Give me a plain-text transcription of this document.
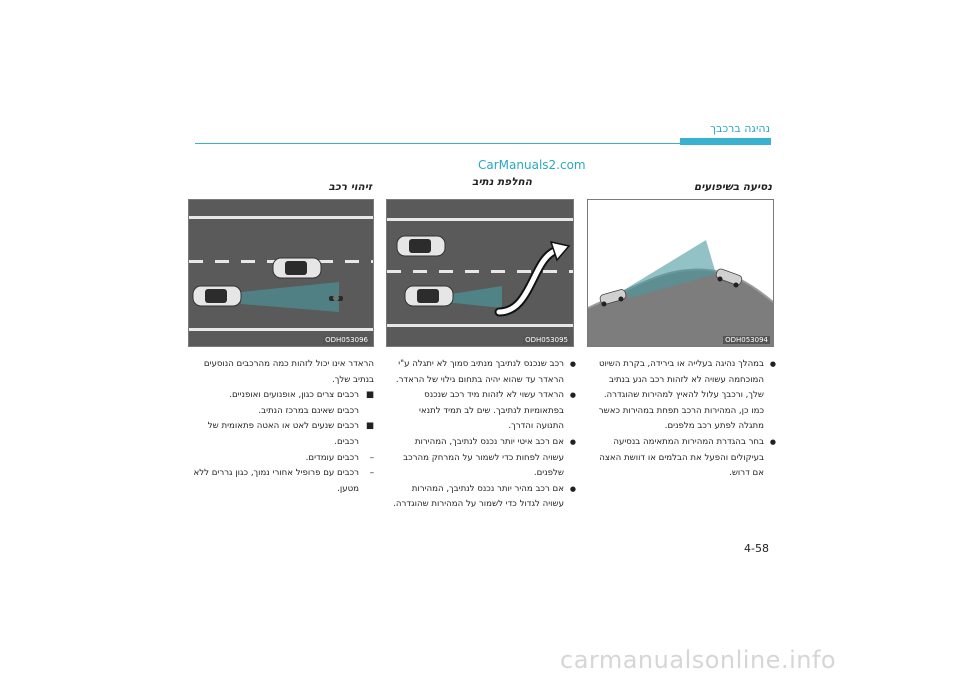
נהיגה ברכבך
CarManuals2.com
נסיעה בשיפועים
החלפת נתיב
זיהוי רכב
ODH053094
ODH053095
ODH053096

● במהלך נהיגה בעלייה או בירידה, בקרת השיוט המוכחמה עשויה לא לזהות רכב הנע בנתיב שלך, ורכבך עלול להאיץ למהירות שהוגדרה. כמו כן, המהירות הרכב תפחת במהירות כאשר מתגלה לפתע רכב מלפנים.

● בחר בהגדרת המהירות המתאימה בנסיעה בעיקולים והפעל את הבלמים או דוושת האצה אם דרוש.

● רכב שנכנס לנתיבך מנתיב סמוך לא יתגלה ע"י הראדר עד שהוא יהיה בתחום גילוי של הראדר.

● הראדר עשוי לא לזהות מיד רכב שנכנס בפתאומיות לנתיבך. שים לב תמיד לתנאי התנועה והדרך.

● אם רכב איטי יותר נכנס לנתיבך, המהירות עשויה לפחות כדי לשמור על המרחק מהרכב שלפנים.

● אם רכב מהיר יותר נכנס לנתיבך, המהירות עשויה לגדול כדי לשמור על המהירות שהוגדרה.

הראדר אינו יכול לזהות כמה מהרכבים הנוסעים בנתיב שלך.

■
רכבים צרים כגון, אופנועים ואופניים.

רכבים שאינם במרכז הנתיב.

■
רכבים שנעים לאט או האטה פתאומית של רכבים.

–
רכבים עומדים.

–
רכבים עם פרופיל אחורי נמוך, כגון גררים ללא מטען.

4-58
carmanualsonline.info
